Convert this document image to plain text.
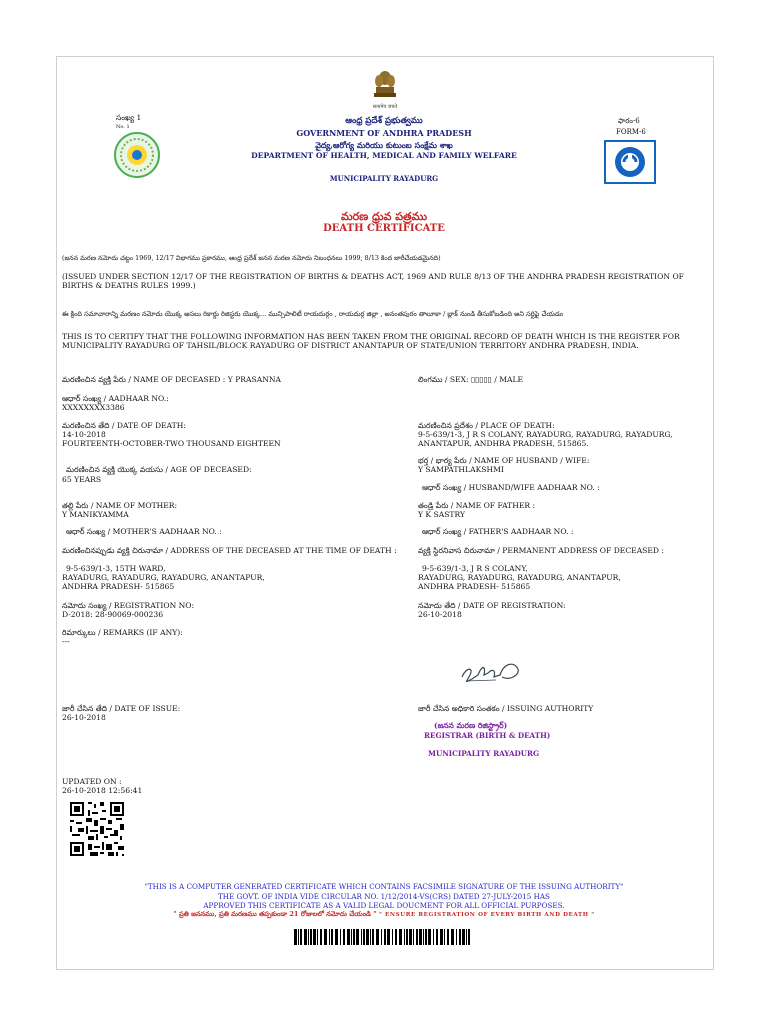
सत्यमेव जयते
సంఖ్య 1
No. 1
ఆంధ్ర ప్రదేశ్ ప్రభుత్వము
GOVERNMENT OF ANDHRA PRADESH
వైద్య,ఆరోగ్య మరియు కుటుంబ సంక్షేమ శాఖ
DEPARTMENT OF HEALTH, MEDICAL AND FAMILY WELFARE
MUNICIPALITY RAYADURG
ఫారం-6
FORM-6
మరణ ధ్రువ పత్రము
DEATH CERTIFICATE
(జనన మరణ నమోదు చట్టం 1969, 12/17 విభాగము ప్రకారము, ఆంధ్ర ప్రదేశ్ జనన మరణ నమోదు నిబంధనలు 1999, 8/13 కింద జారీచేయడమైనది)
(ISSUED UNDER SECTION 12/17 OF THE REGISTRATION OF BIRTHS & DEATHS ACT, 1969 AND RULE 8/13 OF THE ANDHRA PRADESH REGISTRATION OF BIRTHS & DEATHS RULES 1999.)
ఈ క్రింది సమాచారాన్ని మరణం నమోదు యొక్క అసలు రికార్డు రిజిస్టరు యొక్క... మున్సిపాలిటీ రాయదుర్గం , రాయదుర్గ జిల్లా , అనంతపురం తాలూకా / బ్లాక్ నుండి తీసుకోబడింది అని సర్టిఫై చేయడం
THIS IS TO CERTIFY THAT THE FOLLOWING INFORMATION HAS BEEN TAKEN FROM THE ORIGINAL RECORD OF DEATH WHICH IS THE REGISTER FOR MUNICIPALITY RAYADURG OF TAHSIL/BLOCK RAYADURG OF DISTRICT ANANTAPUR OF STATE/UNION TERRITORY ANDHRA PRADESH, INDIA.
మరణించిన వ్యక్తి పేరు / NAME OF DECEASED : Y PRASANNA	లింగము / SEX: ▯▯▯▯▯ / MALE
ఆధార్ సంఖ్య / AADHAAR NO.:
XXXXXXXX3386
మరణించిన తేది / DATE OF DEATH:
14-10-2018
FOURTEENTH-OCTOBER-TWO THOUSAND EIGHTEEN
మరణించిన ప్రదేశం / PLACE OF DEATH:
9-5-639/1-3, J R S COLANY, RAYADURG, RAYADURG, RAYADURG,
ANANTAPUR, ANDHRA PRADESH, 515865.
మరణించిన వ్యక్తి యొక్క వయసు / AGE OF DECEASED:
65 YEARS
భర్త / భార్య పేరు / NAME OF HUSBAND / WIFE:
Y SAMPATHLAKSHMI
ఆధార్ సంఖ్య / HUSBAND/WIFE AADHAAR NO. :
తల్లి పేరు / NAME OF MOTHER:
Y MANIKYAMMA
తండ్రి పేరు / NAME OF FATHER :
Y K SASTRY
ఆధార్ సంఖ్య / MOTHER'S AADHAAR NO. :	ఆధార్ సంఖ్య / FATHER'S AADHAAR NO. :
మరణించినప్పుడు వ్యక్తి చిరునామా / ADDRESS OF THE DECEASED AT THE TIME OF DEATH :
9-5-639/1-3, 15TH WARD,
RAYADURG, RAYADURG, RAYADURG, ANANTAPUR,
ANDHRA PRADESH- 515865
వ్యక్తి స్థిరనివాస చిరునామా / PERMANENT ADDRESS OF DECEASED :
9-5-639/1-3, J R S COLANY,
RAYADURG, RAYADURG, RAYADURG, ANANTAPUR,
ANDHRA PRADESH- 515865
నమోదు సంఖ్య / REGISTRATION NO:
D-2018: 28-90069-000236
నమోదు తేది / DATE OF REGISTRATION:
26-10-2018
రిమార్కులు / REMARKS (IF ANY):
---
జారీ చేసిన తేది / DATE OF ISSUE:
26-10-2018
జారీ చేసిన అధికారి సంతకం / ISSUING AUTHORITY
(జనన మరణ రిజిస్ట్రార్)
REGISTRAR (BIRTH & DEATH)
MUNICIPALITY RAYADURG
UPDATED ON :
26-10-2018 12:56:41
"THIS IS A COMPUTER GENERATED CERTIFICATE WHICH CONTAINS FACSIMILE SIGNATURE OF THE ISSUING AUTHORITY"
THE GOVT. OF INDIA VIDE CIRCULAR NO. 1/12/2014-VS(CRS) DATED 27-JULY-2015 HAS
APPROVED THIS CERTIFICATE AS A VALID LEGAL DOUCMENT FOR ALL OFFICIAL PURPOSES.
" ప్రతి జననము, ప్రతి మరణము తప్పకుండా 21 రోజులలో నమోదు చేయండి " " ENSURE REGISTRATION OF EVERY BIRTH AND DEATH "
